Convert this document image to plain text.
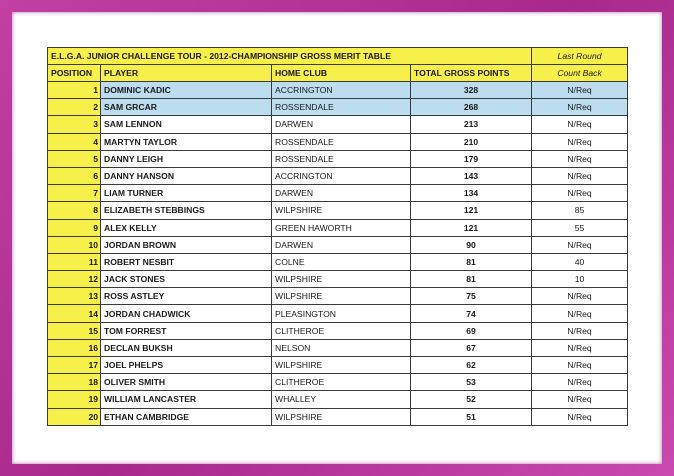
E.L.G.A. JUNIOR CHALLENGE TOUR - 2012-CHAMPIONSHIP GROSS MERIT TABLE				Last Round
POSITION	PLAYER	HOME CLUB	TOTAL GROSS POINTS	Count Back
1	DOMINIC KADIC	ACCRINGTON	328	N/Req
2	SAM GRCAR	ROSSENDALE	268	N/Req
3	SAM LENNON	DARWEN	213	N/Req
4	MARTYN TAYLOR	ROSSENDALE	210	N/Req
5	DANNY LEIGH	ROSSENDALE	179	N/Req
6	DANNY HANSON	ACCRINGTON	143	N/Req
7	LIAM TURNER	DARWEN	134	N/Req
8	ELIZABETH STEBBINGS	WILPSHIRE	121	85
9	ALEX KELLY	GREEN HAWORTH	121	55
10	JORDAN BROWN	DARWEN	90	N/Req
11	ROBERT NESBIT	COLNE	81	40
12	JACK STONES	WILPSHIRE	81	10
13	ROSS ASTLEY	WILPSHIRE	75	N/Req
14	JORDAN CHADWICK	PLEASINGTON	74	N/Req
15	TOM FORREST	CLITHEROE	69	N/Req
16	DECLAN BUKSH	NELSON	67	N/Req
17	JOEL PHELPS	WILPSHIRE	62	N/Req
18	OLIVER SMITH	CLITHEROE	53	N/Req
19	WILLIAM LANCASTER	WHALLEY	52	N/Req
20	ETHAN CAMBRIDGE	WILPSHIRE	51	N/Req
